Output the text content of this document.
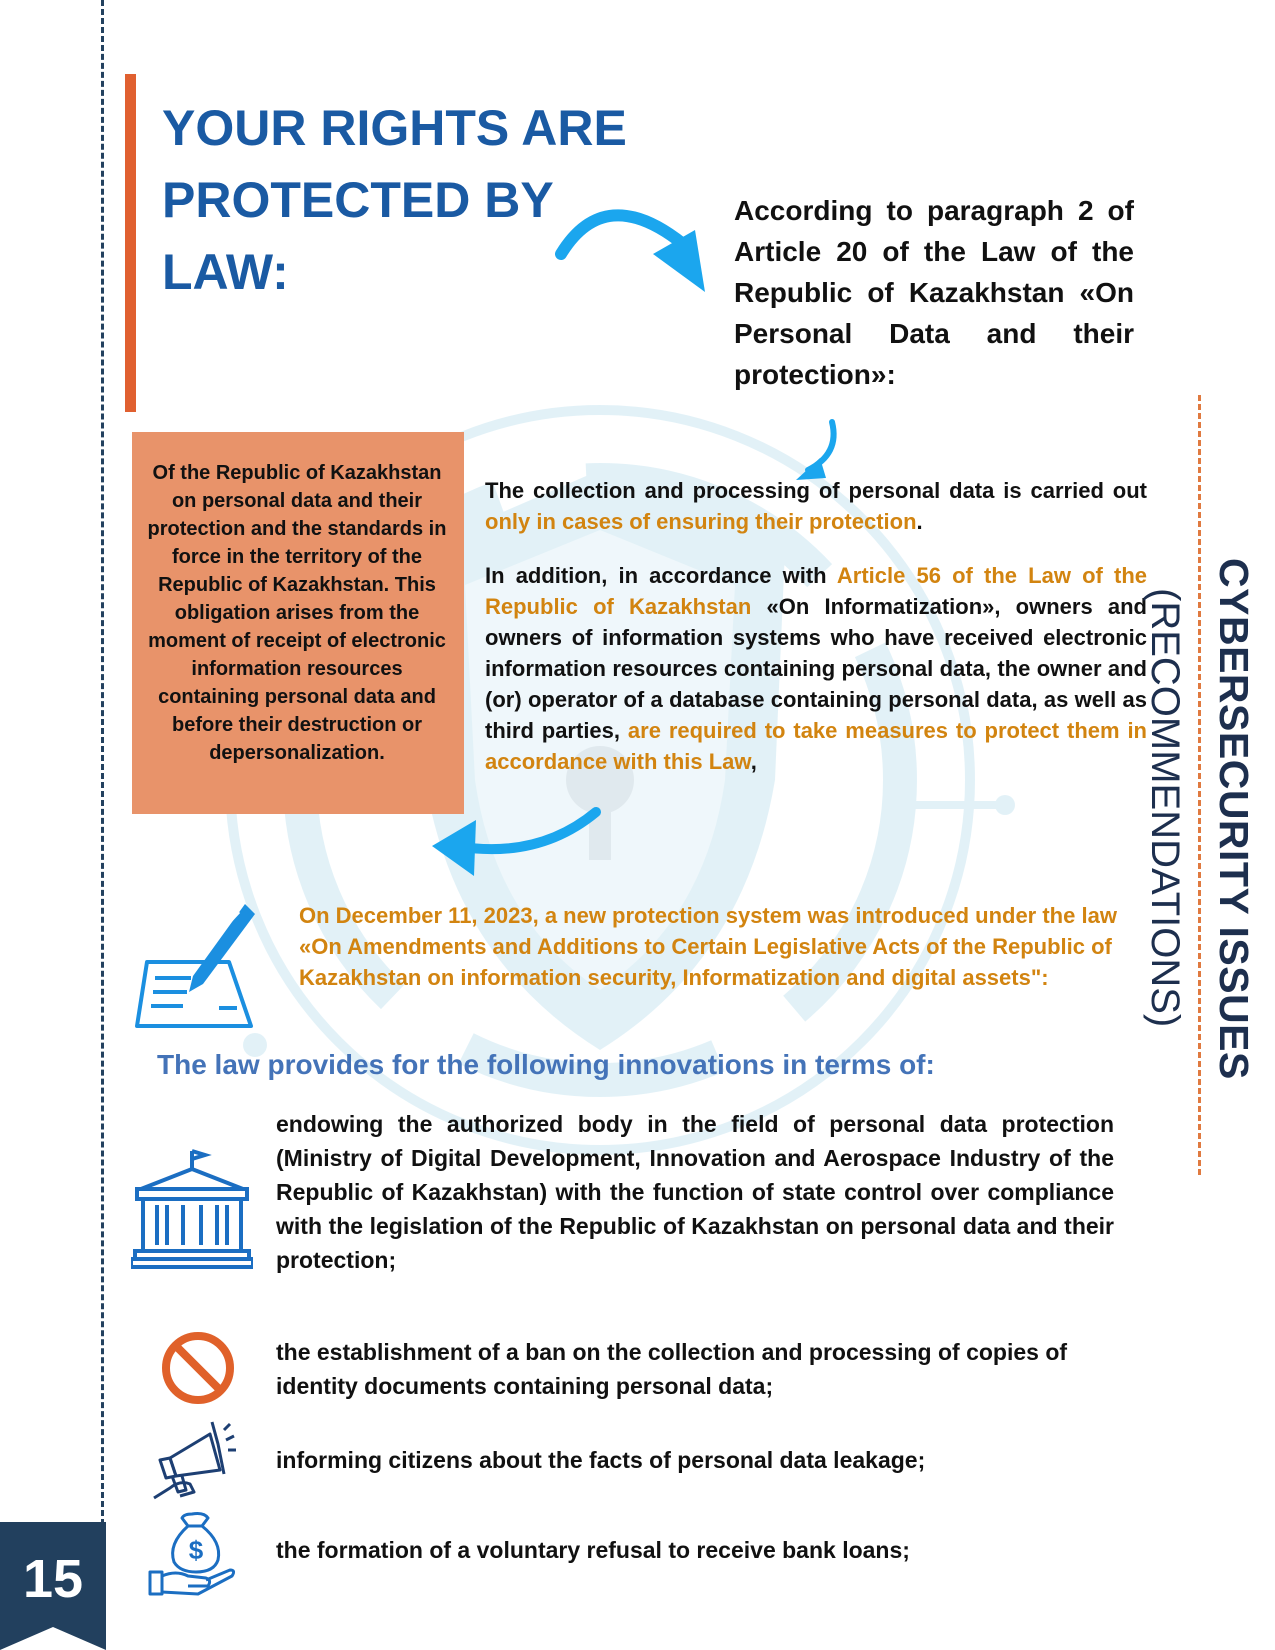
15
YOUR RIGHTS ARE PROTECTED BY LAW:
According to paragraph 2 of Article 20 of the Law of the Republic of Kazakhstan «On Personal Data and their protection»:
Of the Republic of Kazakhstan on personal data and their protection and the standards in force in the territory of the Republic of Kazakhstan. This obligation arises from the moment of receipt of electronic information resources containing personal data and before their destruction or depersonalization.
The collection and processing of personal data is carried out only in cases of ensuring their protection.
In addition, in accordance with Article 56 of the Law of the Republic of Kazakhstan «On Informatization», owners and owners of information systems who have received electronic information resources containing personal data, the owner and (or) operator of a database containing personal data, as well as third parties, are required to take measures to protect them in accordance with this Law,	CYBERSECURITY ISSUES
(RECOMMENDATIONS)
On December 11, 2023, a new protection system was introduced under the law «On Amendments and Additions to Certain Legislative Acts of the Republic of Kazakhstan on information security, Informatization and digital assets":
The law provides for the following innovations in terms of:
endowing the authorized body in the field of personal data protection (Ministry of Digital Development, Innovation and Aerospace Industry of the Republic of Kazakhstan) with the function of state control over compliance with the legislation of the Republic of Kazakhstan on personal data and their protection;
the establishment of a ban on the collection and processing of copies of identity documents containing personal data;
informing citizens about the facts of personal data leakage;
$	the formation of a voluntary refusal to receive bank loans;
